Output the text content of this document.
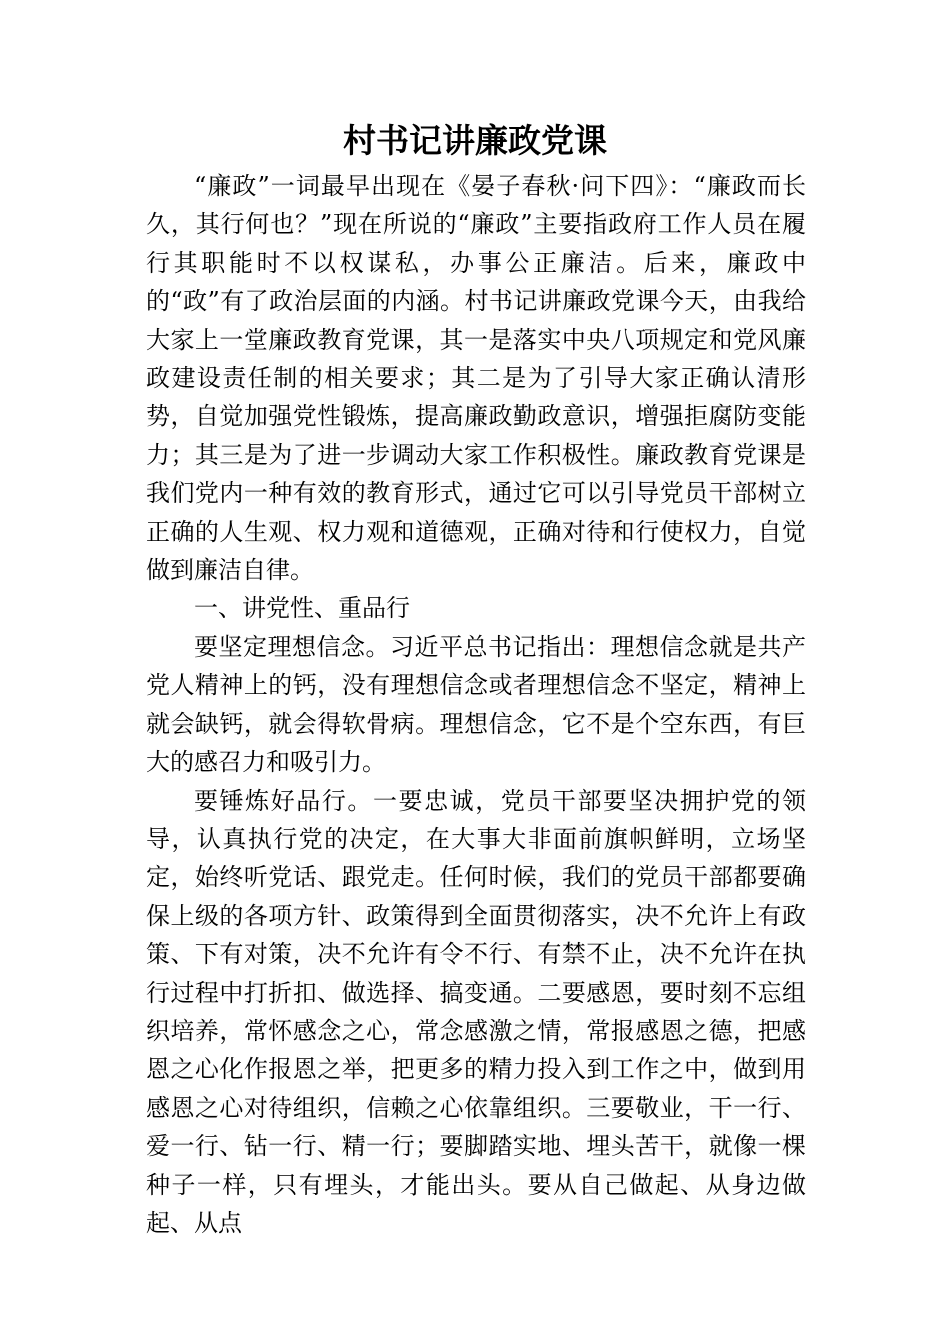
村书记讲廉政党课

“廉政”一词最早出现在《晏子春秋·问下四》：“廉政而长久，其行何也？”现在所说的“廉政”主要指政府工作人员在履行其职能时不以权谋私，办事公正廉洁。后来，廉政中的“政”有了政治层面的内涵。村书记讲廉政党课今天，由我给大家上一堂廉政教育党课，其一是落实中央八项规定和党风廉政建设责任制的相关要求；其二是为了引导大家正确认清形势，自觉加强党性锻炼，提高廉政勤政意识，增强拒腐防变能力；其三是为了进一步调动大家工作积极性。廉政教育党课是我们党内一种有效的教育形式，通过它可以引导党员干部树立正确的人生观、权力观和道德观，正确对待和行使权力，自觉做到廉洁自律。

一、讲党性、重品行

要坚定理想信念。习近平总书记指出：理想信念就是共产党人精神上的钙，没有理想信念或者理想信念不坚定，精神上就会缺钙，就会得软骨病。理想信念，它不是个空东西，有巨大的感召力和吸引力。

要锤炼好品行。一要忠诚，党员干部要坚决拥护党的领导，认真执行党的决定，在大事大非面前旗帜鲜明，立场坚定，始终听党话、跟党走。任何时候，我们的党员干部都要确保上级的各项方针、政策得到全面贯彻落实，决不允许上有政策、下有对策，决不允许有令不行、有禁不止，决不允许在执行过程中打折扣、做选择、搞变通。二要感恩，要时刻不忘组织培养，常怀感念之心，常念感激之情，常报感恩之德，把感恩之心化作报恩之举，把更多的精力投入到工作之中，做到用感恩之心对待组织，信赖之心依靠组织。三要敬业，干一行、爱一行、钻一行、精一行；要脚踏实地、埋头苦干，就像一棵种子一样，只有埋头，才能出头。要从自己做起、从身边做起、从点
